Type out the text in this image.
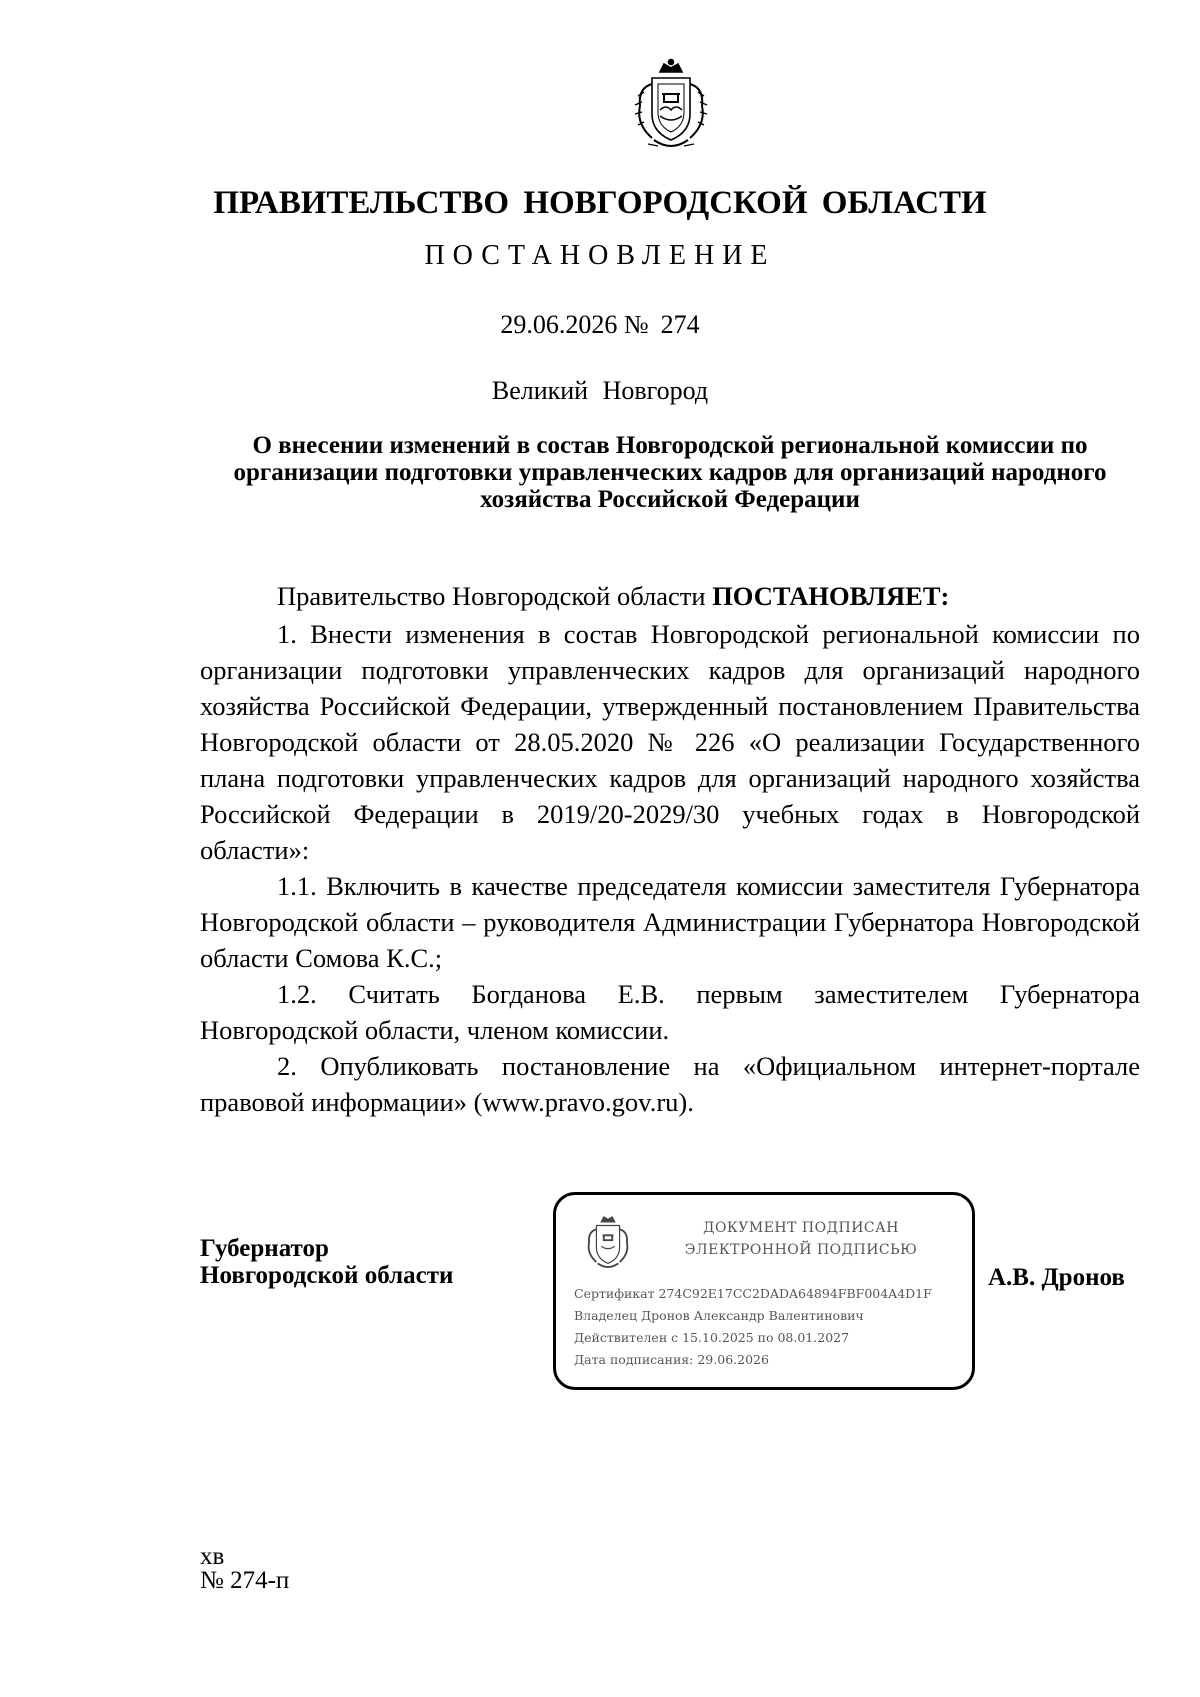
ПРАВИТЕЛЬСТВО НОВГОРОДСКОЙ ОБЛАСТИ
ПОСТАНОВЛЕНИЕ
29.06.2026 № 274
Великий Новгород
О внесении изменений в состав Новгородской региональной комиссии по организации подготовки управленческих кадров для организаций народного хозяйства Российской Федерации

Правительство Новгородской области ПОСТАНОВЛЯЕТ:

1. Внести изменения в состав Новгородской региональной комиссии по организации подготовки управленческих кадров для организаций народного хозяйства Российской Федерации, утвержденный постановлением Правительства Новгородской области от 28.05.2020 № 226 «О реализации Государственного плана подготовки управленческих кадров для организаций народного хозяйства Российской Федерации в 2019/20-2029/30 учебных годах в Новгородской области»:

1.1. Включить в качестве председателя комиссии заместителя Губернатора Новгородской области – руководителя Администрации Губернатора Новгородской области Сомова К.С.;

1.2. Считать Богданова Е.В. первым заместителем Губернатора Новгородской области, членом комиссии.

2. Опубликовать постановление на «Официальном интернет-портале правовой информации» (www.pravo.gov.ru).

Губернатор
Новгородской области
ДОКУМЕНТ ПОДПИСАН
ЭЛЕКТРОННОЙ ПОДПИСЬЮ
Сертификат 274C92E17CC2DADA64894FBF004A4D1F
Владелец Дронов Александр Валентинович
Действителен с 15.10.2025 по 08.01.2027
Дата подписания: 29.06.2026
А.В. Дронов
хв
№ 274-п
